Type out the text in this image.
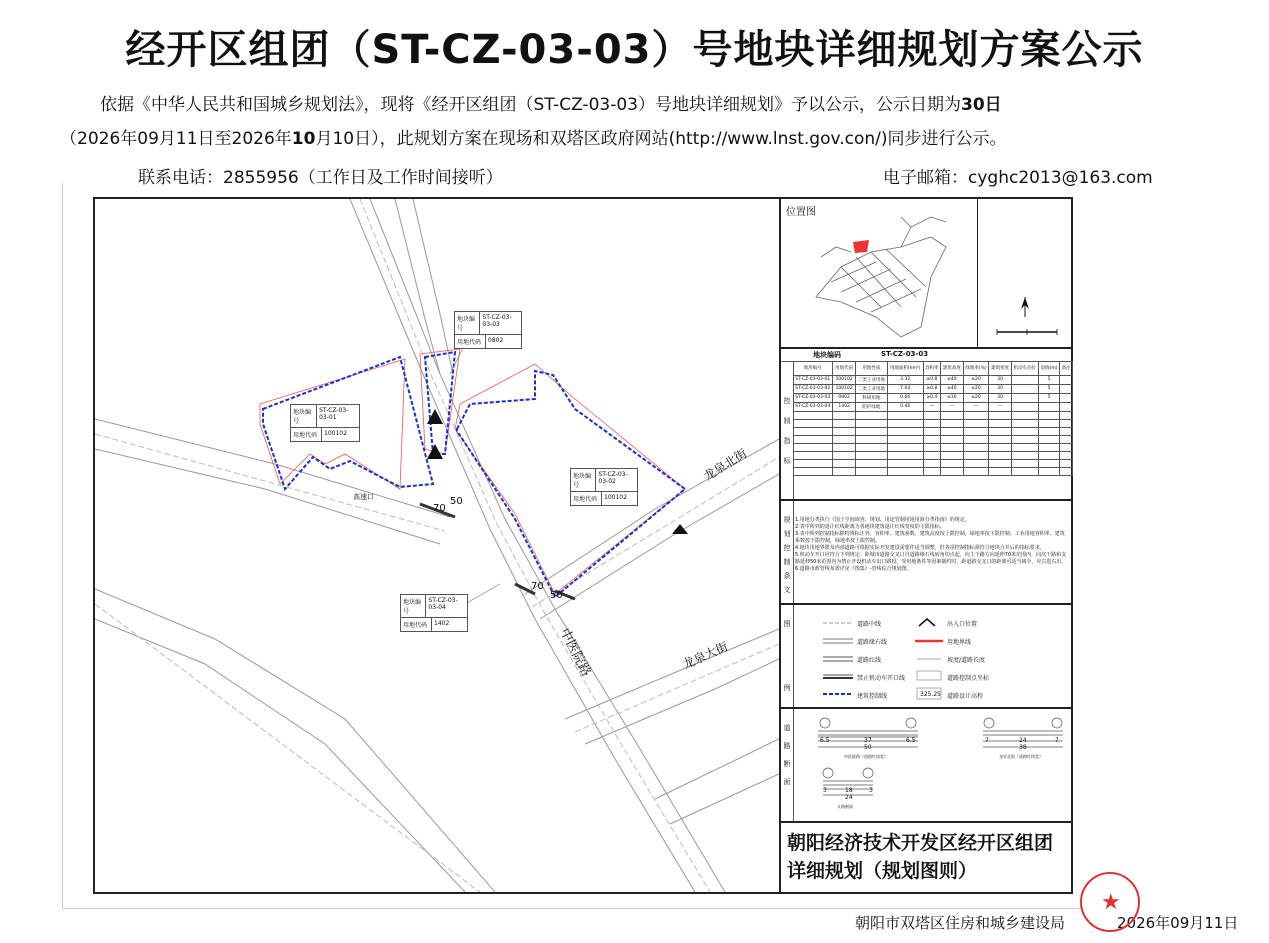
经开区组团（ST-CZ-03-03）号地块详细规划方案公示
依据《中华人民共和国城乡规划法》，现将《经开区组团（ST-CZ-03-03）号地块详细规划》予以公示，公示日期为30日
（2026年09月11日至2026年10月10日），此规划方案在现场和双塔区政府网站(http://www.lnst.gov.con/)同步进行公示。
联系电话：2855956（工作日及工作时间接听）	电子邮箱：cyghc2013@163.com
龙泉北街
龙泉大街
中医院路
高速口
70
50
70
50
地块编号
ST-CZ-03-03-03
用地代码	0802
地块编号
ST-CZ-03-03-01
用地代码	100102
地块编号
ST-CZ-03-03-02
用地代码	100102
地块编号
ST-CZ-03-03-04
用地代码	1402
位置图
地块编码	ST-CZ-03-03
控
制
指
标
地块编号	用地代码	用地性质	用地面积(hm²)	容积率	建筑高度	绿地率(%)	建筑密度	机动车泊位	退线(m)	备注
ST-CZ-03-03-01	100102	二类工业用地	3.32	≥0.8	≤40	≤20	30		5	
ST-CZ-03-03-02	100102	二类工业用地	7.64	≥0.8	≤40	≤20	30		5	
ST-CZ-03-03-03	0802	科研用地	0.66	≥0.4	≤30	≤20	30		5	
ST-CZ-03-03-04	1402	防护绿地	0.46	—	—	—	—			

规
划
控
制
条
文
1.用地分类执行《国土空间调查、规划、用途管制用地用海分类指南》的规定。
2.表中所列的退让红线距离为各地块建筑退让红线宽度的下限指标。
3.表中所列控制指标除特殊标注外，容积率、建筑系数、建筑高度按上限控制，绿地率按下限控制；工业用地容积率、建筑系数按下限控制，绿地率按上限控制。
4.地块用地界限及内部道路可根据实际开发建设需要作适当调整，但各项控制指标须符合地块合并后的指标要求。
5.机动车开口应符合下列规定：距城市道路交叉口自道路缘石线转角切点起，向主干路方向延伸70米范围内，向次干路和支路延伸50米范围内为禁止开设机动车出口路段。受用地条件等因素制约时，距道路交叉口的距离可适当减少，应右进右出。
6.道路市政管线布置详见《图集》-管线综合规划图。
图
例
道路中线	出入口位置
道路缘石线	用地界线
道路红线	坡度/道路长度
禁止机动车开口线	道路控制点坐标
建筑控制线	道路设计高程
325.25
道
路
断
面
6.5	37	6.5
50
中医院路（道路红线宽）
7	24	7
38
龙泉北街（道路红线宽）
3	18	3
24
支路断面
朝阳经济技术开发区经开区组团详细规划（规划图则）
朝阳市双塔区住房和城乡建设局	2026年09月11日
★
